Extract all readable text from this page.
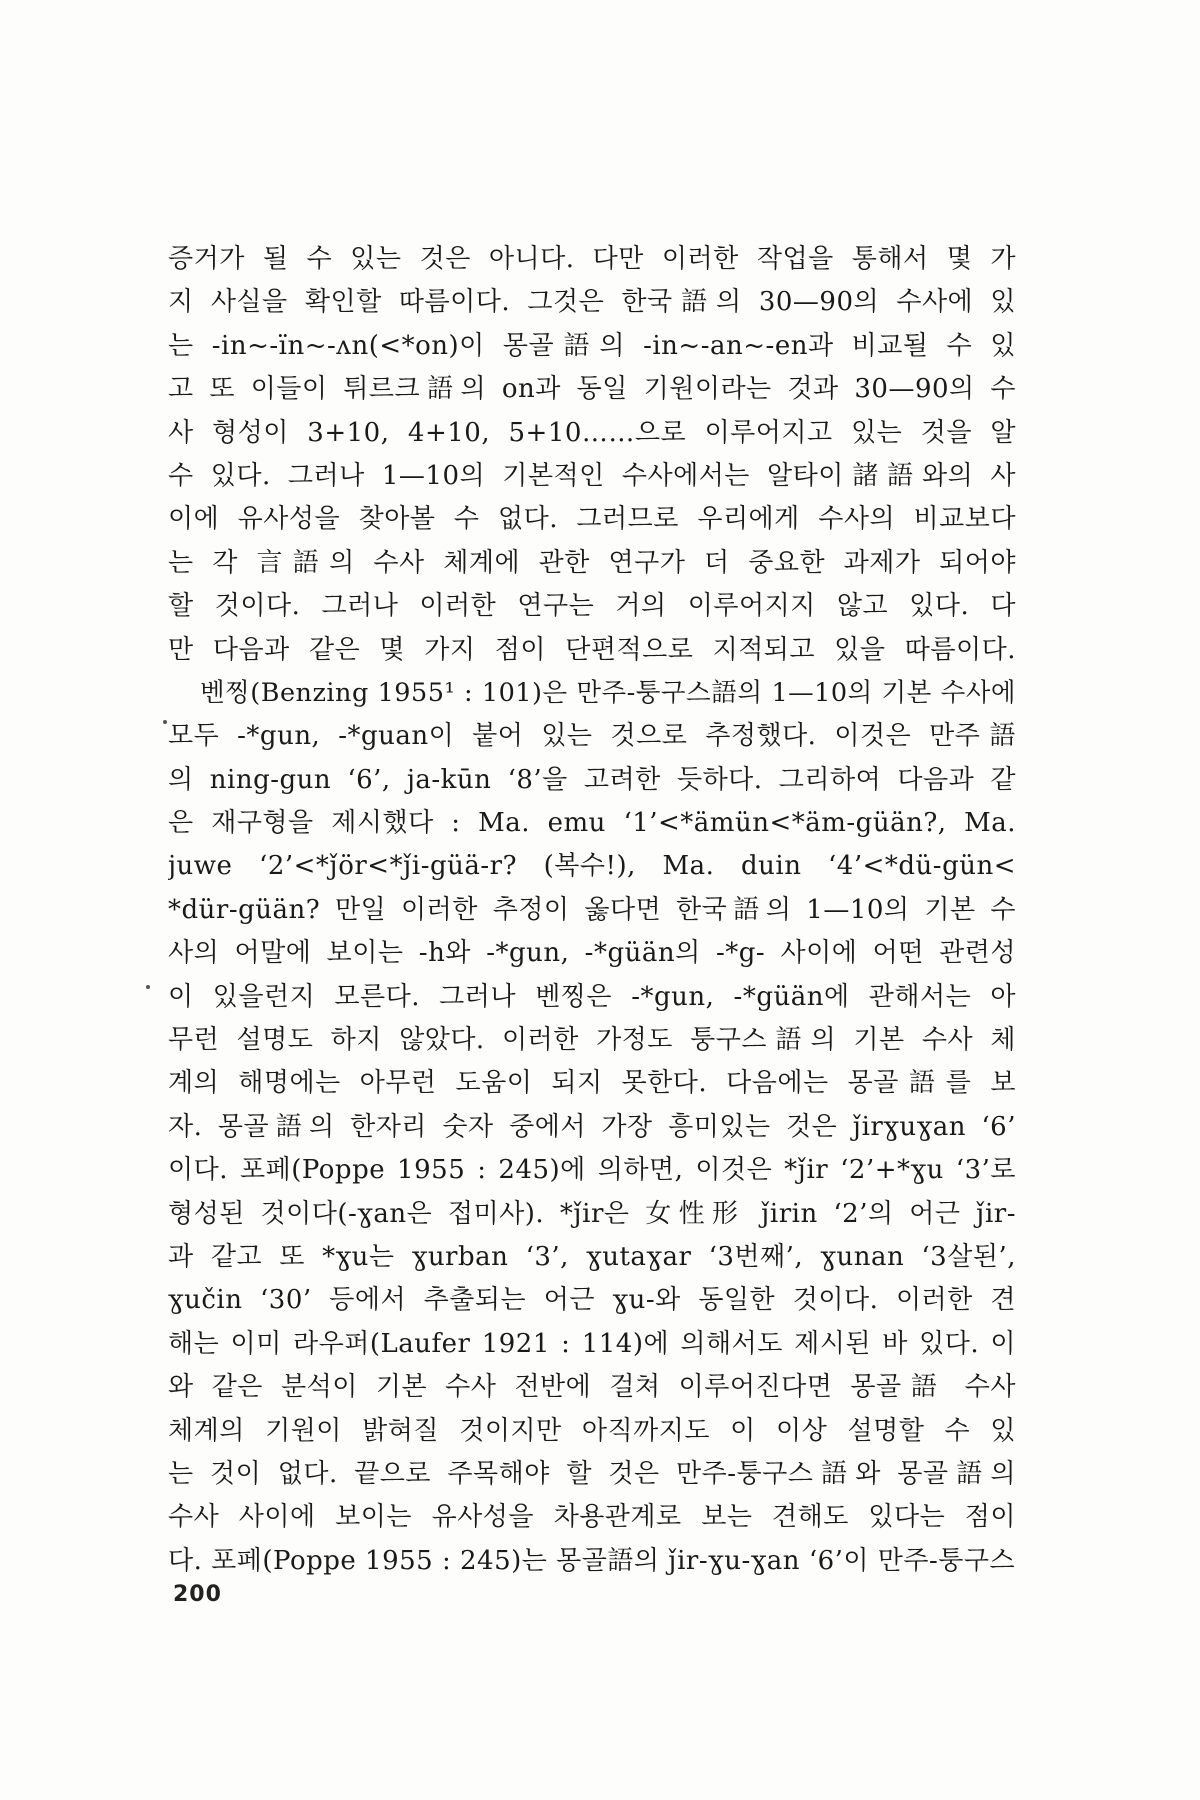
증거가 될 수 있는 것은 아니다. 다만 이러한 작업을 통해서 몇 가
지 사실을 확인할 따름이다. 그것은 한국語의 30—90의 수사에 있
는 -in~-ïn~-ʌn(<*on)이 몽골語의 -in~-an~-en과 비교될 수 있
고 또 이들이 튀르크語의 on과 동일 기원이라는 것과 30—90의 수
사 형성이 3+10, 4+10, 5+10……으로 이루어지고 있는 것을 알
수 있다. 그러나 1—10의 기본적인 수사에서는 알타이諸語와의 사
이에 유사성을 찾아볼 수 없다. 그러므로 우리에게 수사의 비교보다
는 각 言語의 수사 체계에 관한 연구가 더 중요한 과제가 되어야
할 것이다. 그러나 이러한 연구는 거의 이루어지지 않고 있다. 다
만 다음과 같은 몇 가지 점이 단편적으로 지적되고 있을 따름이다.
벤찡(Benzing 1955¹ : 101)은 만주-퉁구스語의 1—10의 기본 수사에
모두 -*gun, -*guan이 붙어 있는 것으로 추정했다. 이것은 만주語
의 ning-gun ‘6’, ja-kūn ‘8’을 고려한 듯하다. 그리하여 다음과 같
은 재구형을 제시했다 : Ma. emu ‘1’<*ämün<*äm-güän?, Ma.
juwe ‘2’<*ǰör<*ǰi-güä-r? (복수!), Ma. duin ‘4’<*dü-gün<
*dür-güän? 만일 이러한 추정이 옳다면 한국語의 1—10의 기본 수
사의 어말에 보이는 -h와 -*gun, -*güän의 -*g- 사이에 어떤 관련성
이 있을런지 모른다. 그러나 벤찡은 -*gun, -*güän에 관해서는 아
무런 설명도 하지 않았다. 이러한 가정도 퉁구스語의 기본 수사 체
계의 해명에는 아무런 도움이 되지 못한다. 다음에는 몽골語를 보
자. 몽골語의 한자리 숫자 중에서 가장 흥미있는 것은 ǰirɣuɣan ‘6’
이다. 포페(Poppe 1955 : 245)에 의하면, 이것은 *ǰir ‘2’+*ɣu ‘3’로
형성된 것이다(-ɣan은 접미사). *ǰir은 女性形 ǰirin ‘2’의 어근 ǰir-
과 같고 또 *ɣu는 ɣurban ‘3’, ɣutaɣar ‘3번째’, ɣunan ‘3살된’,
ɣučin ‘30’ 등에서 추출되는 어근 ɣu-와 동일한 것이다. 이러한 견
해는 이미 라우퍼(Laufer 1921 : 114)에 의해서도 제시된 바 있다. 이
와 같은 분석이 기본 수사 전반에 걸쳐 이루어진다면 몽골語 수사
체계의 기원이 밝혀질 것이지만 아직까지도 이 이상 설명할 수 있
는 것이 없다. 끝으로 주목해야 할 것은 만주-퉁구스語와 몽골語의
수사 사이에 보이는 유사성을 차용관계로 보는 견해도 있다는 점이
다. 포페(Poppe 1955 : 245)는 몽골語의 ǰir-ɣu-ɣan ‘6’이 만주-퉁구스
200
